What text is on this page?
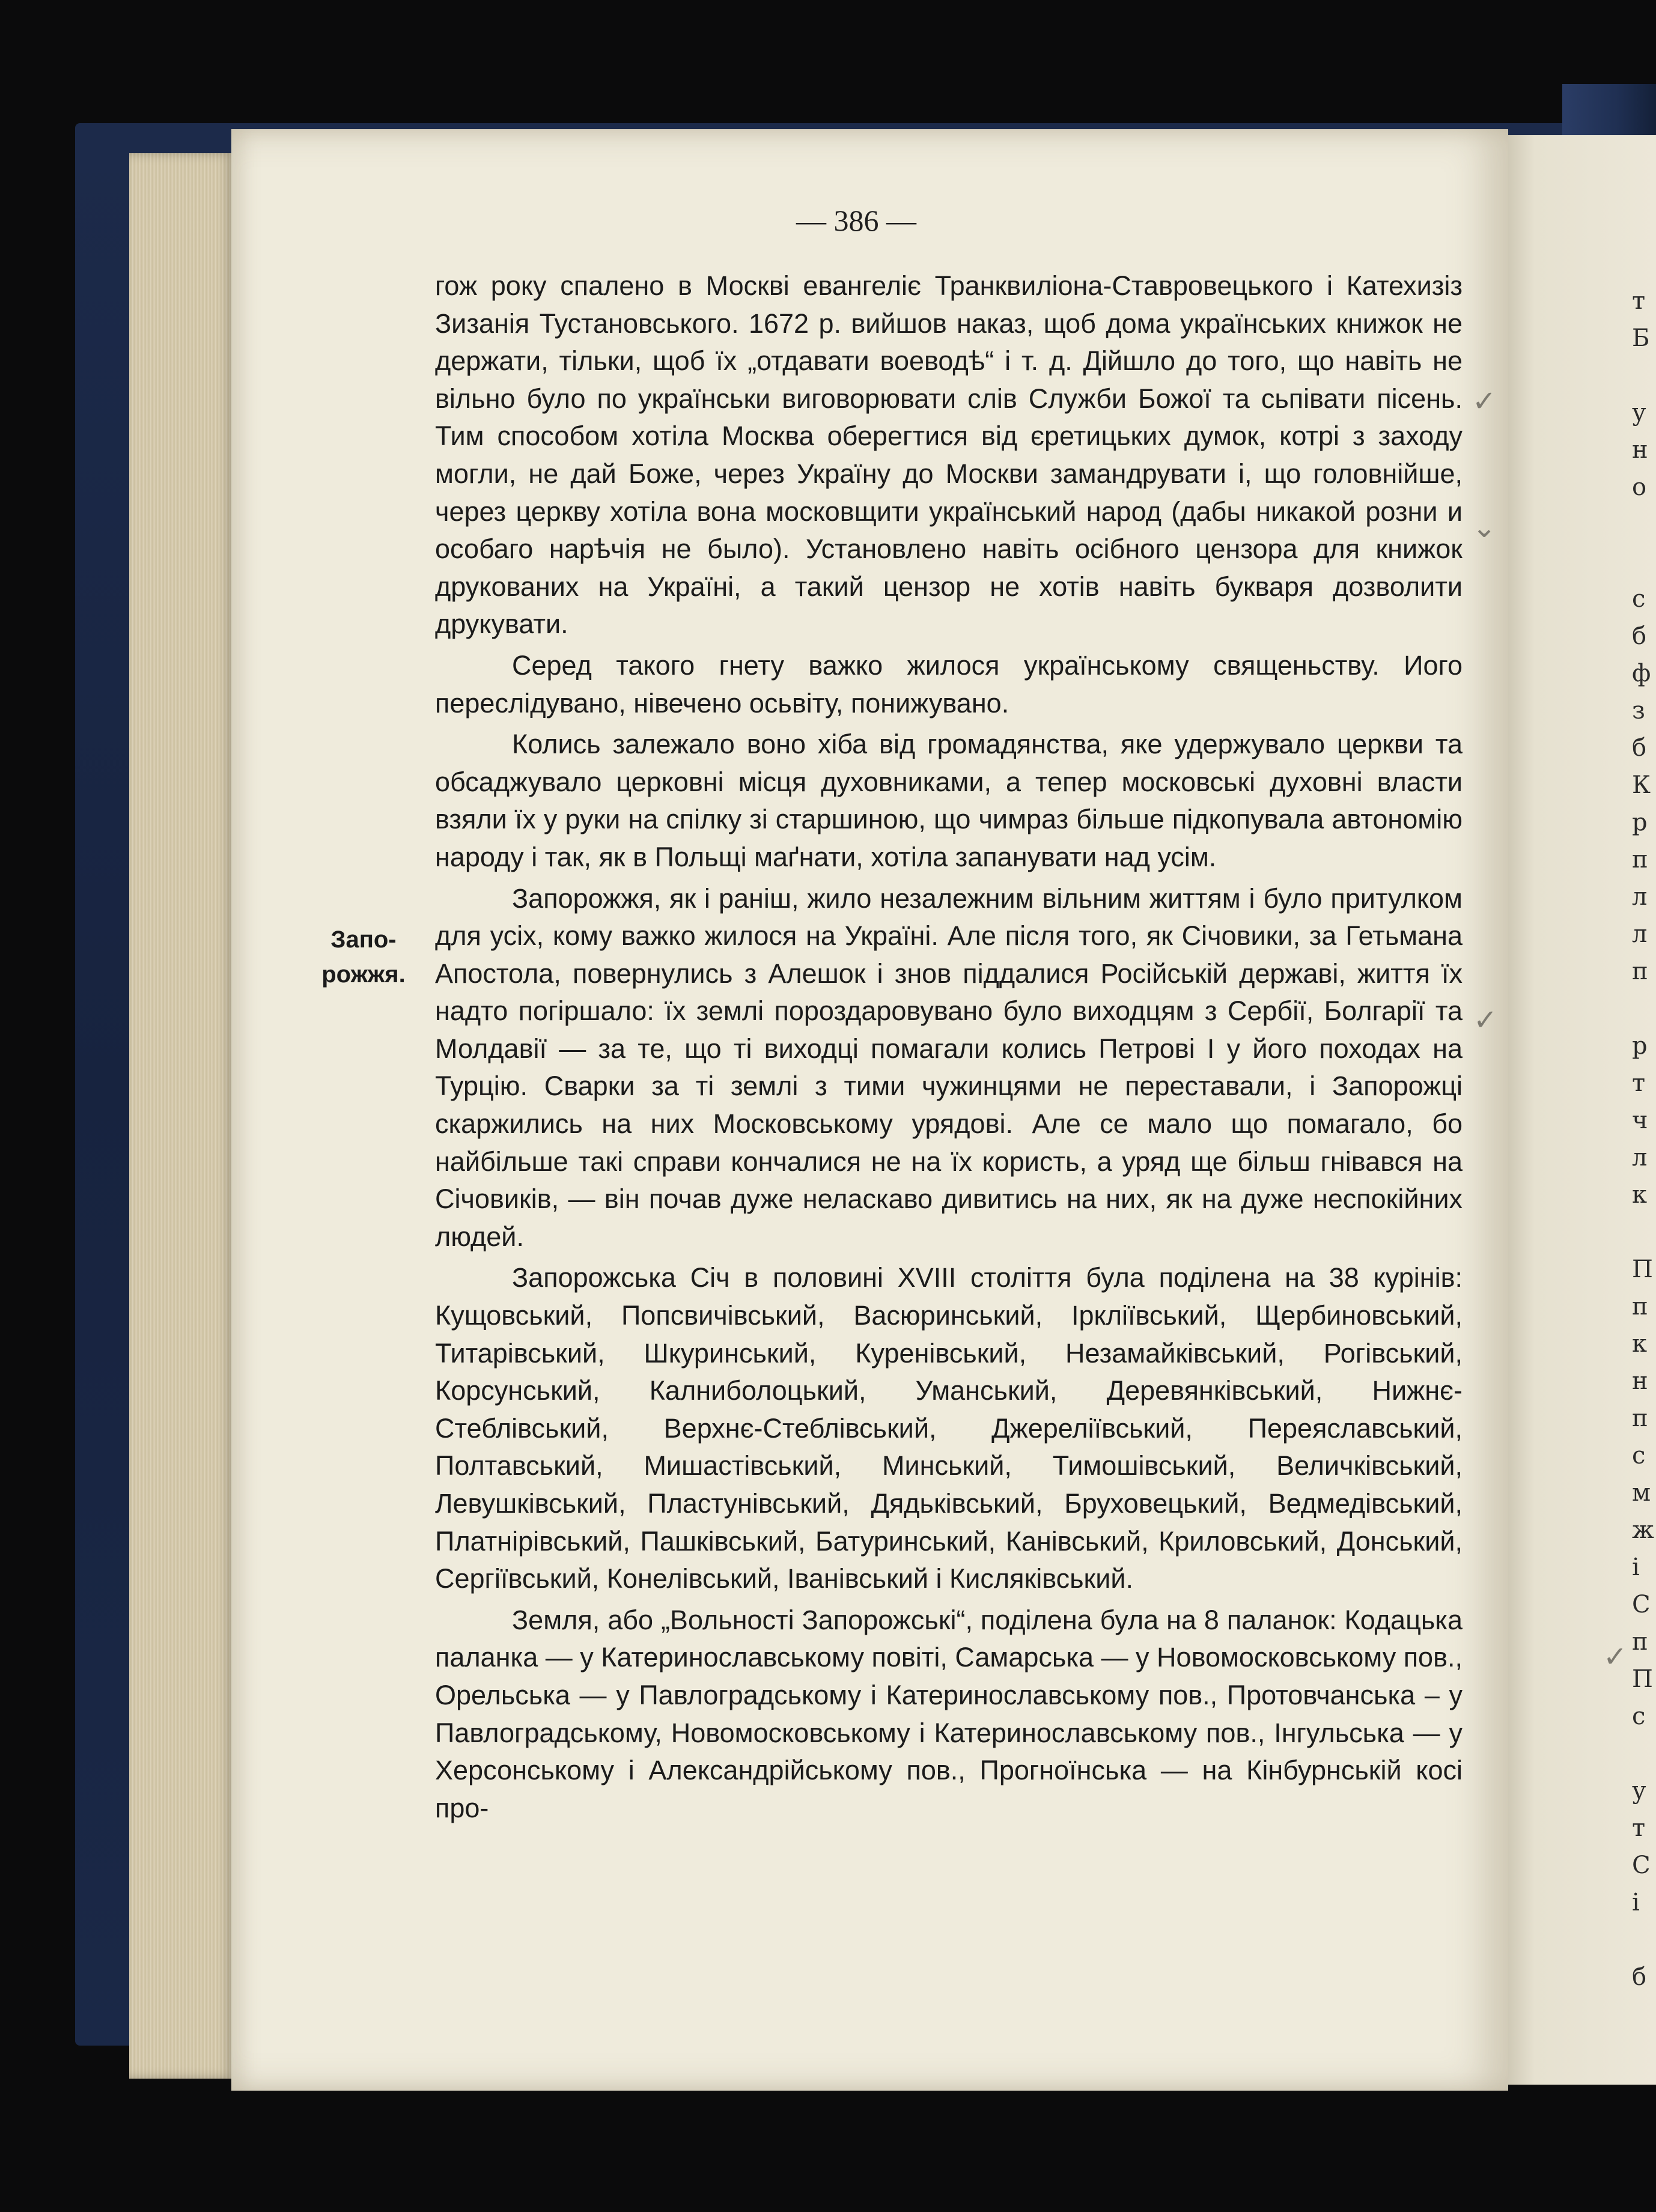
т
Б

у
н
о

с
б
ф
з
б
К
р
п
л
л
п

р
т
ч
л
к

П
п
к
н
п
с
м
ж
і
С
п
П
с

у
т
С
і

б
— 386 —
Запо-
рожжя.

гож року спалено в Москві евангеліє Транквиліона-Ставровецького і Катехизіз Зизанія Тустановського. 1672 р. вийшов наказ, щоб дома українських книжок не держати, тільки, щоб їх „отдавати воеводѣ“ і т. д. Дійшло до того, що навіть не вільно було по українськи виговорювати слів Служби Божої та сьпівати пісень. Тим способом хотіла Москва оберегтися від єретицьких думок, котрі з заходу могли, не дай Боже, через Україну до Москви замандрувати і, що головнійше, через церкву хотіла вона московщити український народ (дабы никакой розни и особаго нарѣчія не было). Установлено навіть осібного цензора для книжок друкованих на Україні, а такий цензор не хотів навіть букваря дозволити друкувати.

Серед такого гнету важко жилося українському священьству. Иого переслідувано, нівечено осьвіту, понижувано.

Колись залежало воно хіба від громадянства, яке удержувало церкви та обсаджувало церковні місця духовниками, а тепер московські духовні власти взяли їх у руки на спілку зі старшиною, що чимраз більше підкопувала автономію народу і так, як в Польщі маґнати, хотіла запанувати над усім.

Запорожжя, як і раніш, жило незалежним вільним життям і було притулком для усіх, кому важко жилося на Україні. Але після того, як Січовики, за Гетьмана Апостола, повернулись з Алешок і знов піддалися Російській державі, життя їх надто погіршало: їх землі пороздаровувано було виходцям з Сербії, Болгарії та Молдавії — за те, що ті виходці помагали колись Петрові І у його походах на Турцію. Сварки за ті землі з тими чужинцями не переставали, і Запорожці скаржились на них Московському урядові. Але се мало що помагало, бо найбільше такі справи кончалися не на їх користь, а уряд ще більш гнівався на Січовиків, — він почав дуже неласкаво дивитись на них, як на дуже неспокійних людей.

Запорожська Січ в половині XVIII століття була поділена на 38 курінів: Кущовський, Попсвичівський, Васюринський, Іркліївський, Щербиновський, Титарівський, Шкуринський, Куренівський, Незамайківський, Рогівський, Корсунський, Калниболоцький, Уманський, Деревянківський, Нижнє-Стеблівський, Верхнє-Стеблівський, Джереліївський, Переяславський, Полтавський, Мишастівський, Минський, Тимошівський, Величківський, Левушківський, Пластунівський, Дядьківський, Бруховецький, Ведмедівський, Платнірівський, Пашківський, Батуринський, Канівський, Криловський, Донський, Сергіївський, Конелівський, Іванівський і Кисляківський.

Земля, або „Вольності Запорожські“, поділена була на 8 паланок: Кодацька паланка — у Катеринославському повіті, Самарська — у Новомосковському пов., Орельська — у Павлоградському і Катеринославському пов., Протовчанська – у Павлоградському, Новомосковському і Катеринославському пов., Інгульська — у Херсонському і Александрійському пов., Прогноїнська — на Кінбурнській косі про-

✓
⌄
✓
✓
